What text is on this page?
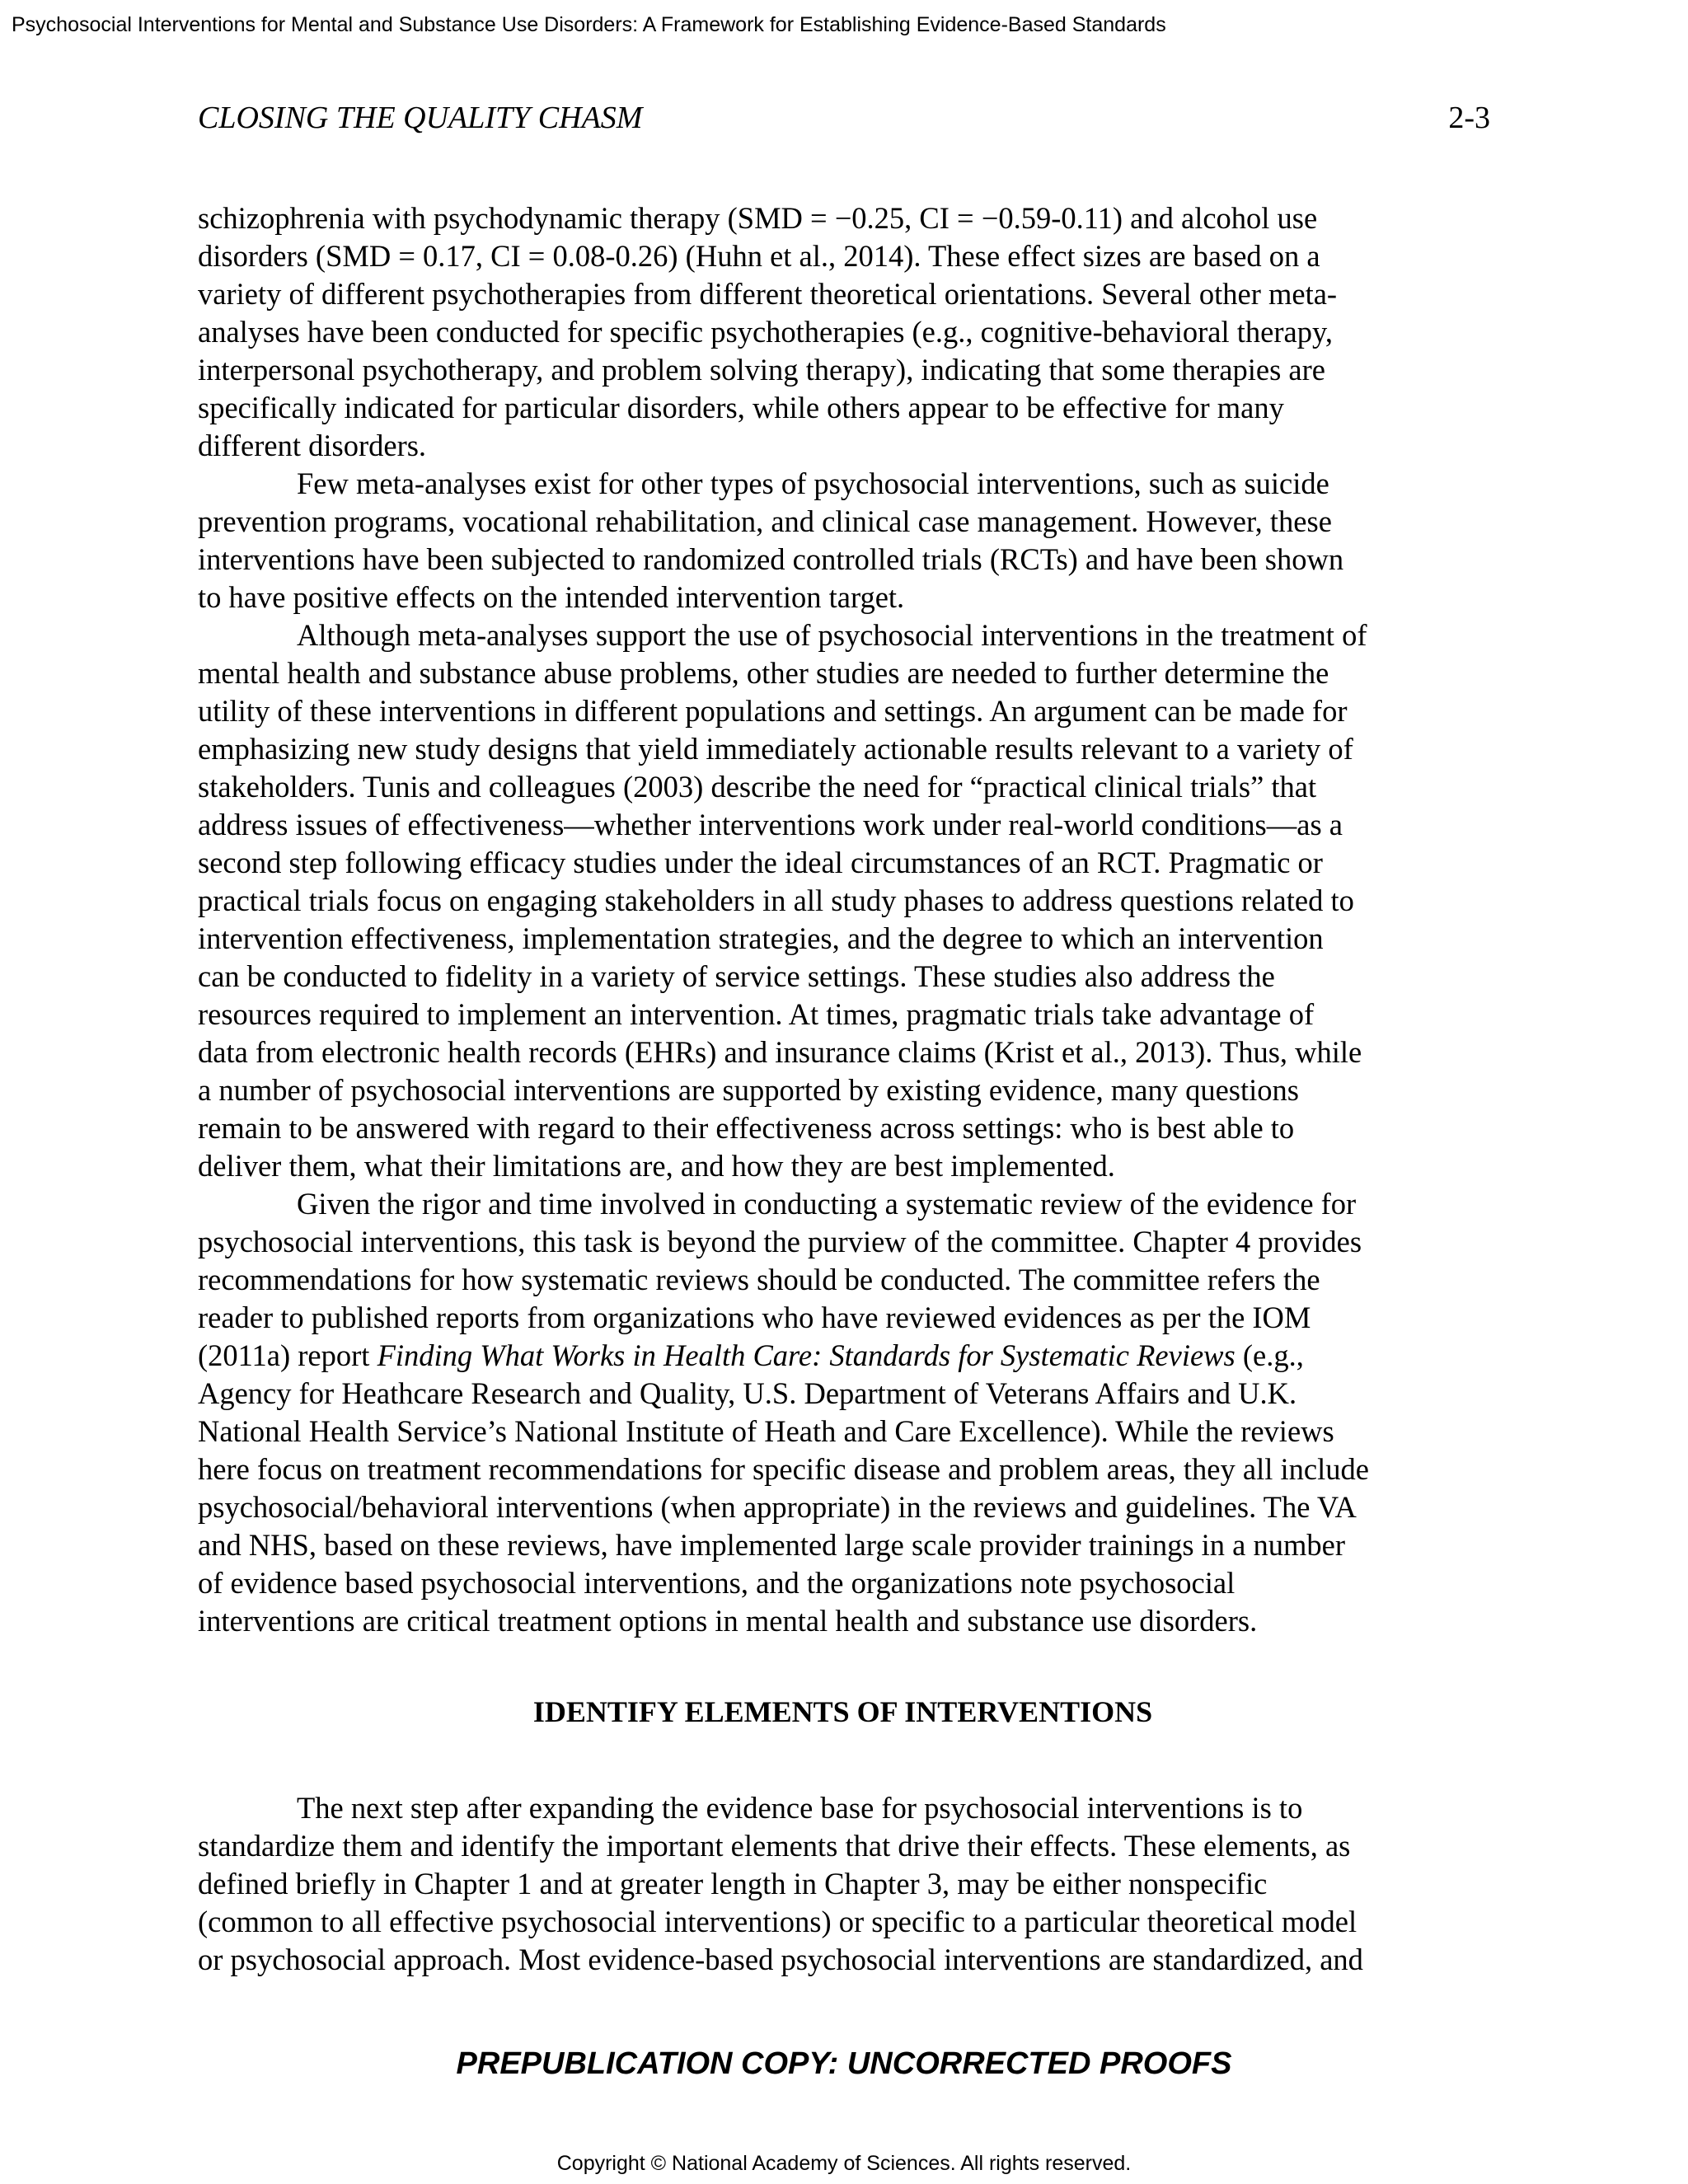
Psychosocial Interventions for Mental and Substance Use Disorders: A Framework for Establishing Evidence-Based Standards
CLOSING THE QUALITY CHASM	2-3
schizophrenia with psychodynamic therapy (SMD = −0.25, CI = −0.59-0.11) and alcohol use
disorders (SMD = 0.17, CI = 0.08-0.26) (Huhn et al., 2014). These effect sizes are based on a
variety of different psychotherapies from different theoretical orientations. Several other meta-
analyses have been conducted for specific psychotherapies (e.g., cognitive-behavioral therapy,
interpersonal psychotherapy, and problem solving therapy), indicating that some therapies are
specifically indicated for particular disorders, while others appear to be effective for many
different disorders.
Few meta-analyses exist for other types of psychosocial interventions, such as suicide
prevention programs, vocational rehabilitation, and clinical case management. However, these
interventions have been subjected to randomized controlled trials (RCTs) and have been shown
to have positive effects on the intended intervention target.
Although meta-analyses support the use of psychosocial interventions in the treatment of
mental health and substance abuse problems, other studies are needed to further determine the
utility of these interventions in different populations and settings. An argument can be made for
emphasizing new study designs that yield immediately actionable results relevant to a variety of
stakeholders. Tunis and colleagues (2003) describe the need for “practical clinical trials” that
address issues of effectiveness—whether interventions work under real-world conditions—as a
second step following efficacy studies under the ideal circumstances of an RCT. Pragmatic or
practical trials focus on engaging stakeholders in all study phases to address questions related to
intervention effectiveness, implementation strategies, and the degree to which an intervention
can be conducted to fidelity in a variety of service settings. These studies also address the
resources required to implement an intervention. At times, pragmatic trials take advantage of
data from electronic health records (EHRs) and insurance claims (Krist et al., 2013). Thus, while
a number of psychosocial interventions are supported by existing evidence, many questions
remain to be answered with regard to their effectiveness across settings: who is best able to
deliver them, what their limitations are, and how they are best implemented.
Given the rigor and time involved in conducting a systematic review of the evidence for
psychosocial interventions, this task is beyond the purview of the committee. Chapter 4 provides
recommendations for how systematic reviews should be conducted. The committee refers the
reader to published reports from organizations who have reviewed evidences as per the IOM
(2011a) report Finding What Works in Health Care: Standards for Systematic Reviews (e.g.,
Agency for Heathcare Research and Quality, U.S. Department of Veterans Affairs and U.K.
National Health Service’s National Institute of Heath and Care Excellence). While the reviews
here focus on treatment recommendations for specific disease and problem areas, they all include
psychosocial/behavioral interventions (when appropriate) in the reviews and guidelines. The VA
and NHS, based on these reviews, have implemented large scale provider trainings in a number
of evidence based psychosocial interventions, and the organizations note psychosocial
interventions are critical treatment options in mental health and substance use disorders.
IDENTIFY ELEMENTS OF INTERVENTIONS
The next step after expanding the evidence base for psychosocial interventions is to
standardize them and identify the important elements that drive their effects. These elements, as
defined briefly in Chapter 1 and at greater length in Chapter 3, may be either nonspecific
(common to all effective psychosocial interventions) or specific to a particular theoretical model
or psychosocial approach. Most evidence-based psychosocial interventions are standardized, and
PREPUBLICATION COPY: UNCORRECTED PROOFS
Copyright © National Academy of Sciences. All rights reserved.
